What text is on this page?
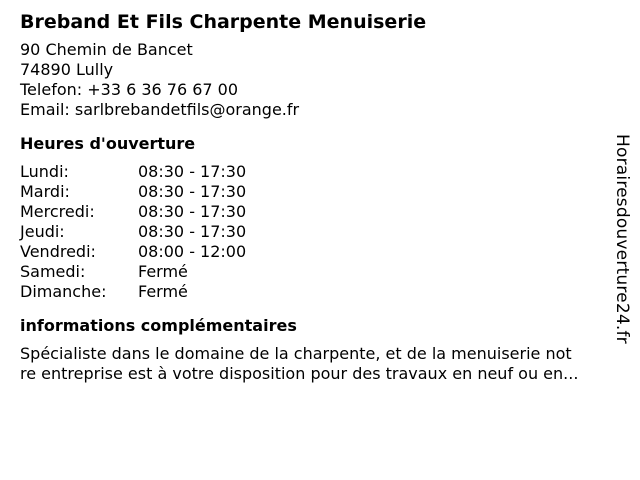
Breband Et Fils Charpente Menuiserie
90 Chemin de Bancet
74890 Lully
Telefon: +33 6 36 76 67 00
Email: sarlbrebandetfils@orange.fr
Heures d'ouverture
Lundi:	08:30 - 17:30
Mardi:	08:30 - 17:30
Mercredi:	08:30 - 17:30
Jeudi:	08:30 - 17:30
Vendredi:	08:00 - 12:00
Samedi:	Fermé
Dimanche:	Fermé
informations complémentaires
Spécialiste dans le domaine de la charpente, et de la menuiserie not
re entreprise est à votre disposition pour des travaux en neuf ou en...
Horairesdouverture24.fr
